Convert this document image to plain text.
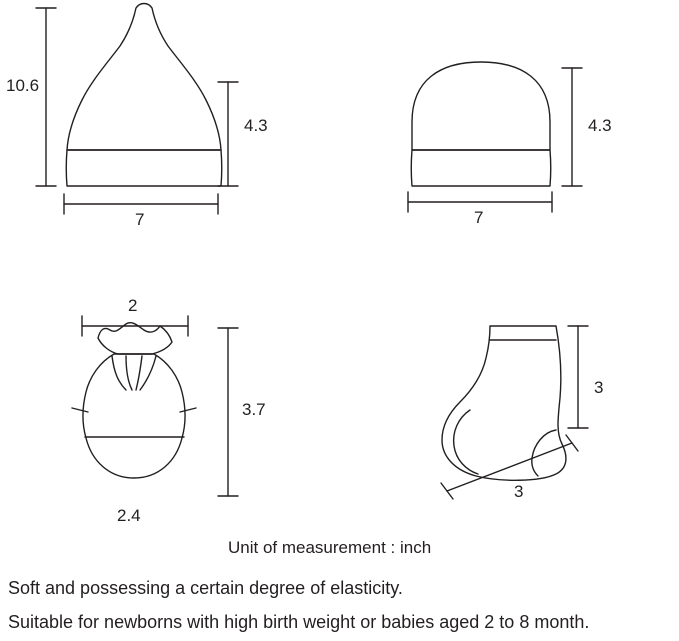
10.6
4.3
7
4.3
7
2
3.7
2.4
3
3
Unit of measurement : inch
Soft and possessing a certain degree of elasticity.
Suitable for newborns with high birth weight or babies aged 2 to 8 month.
